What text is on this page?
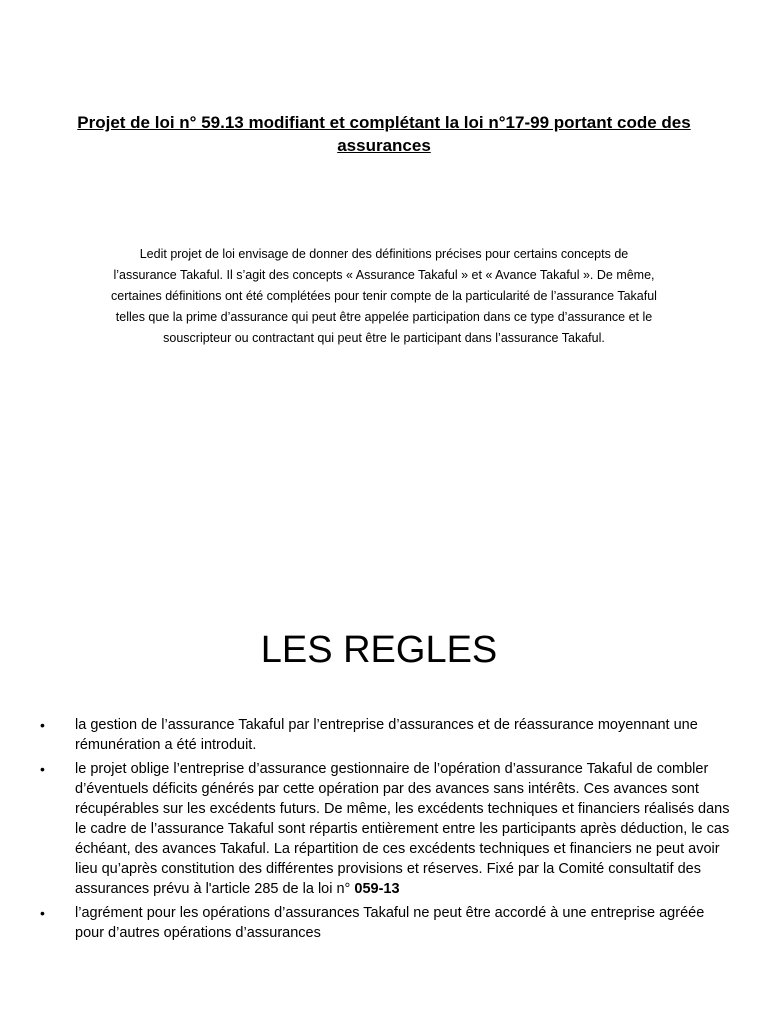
Projet de loi n° 59.13 modifiant et complétant la loi n°17-99 portant code des assurances

Ledit projet de loi envisage de donner des définitions précises pour certains concepts de l’assurance Takaful. Il s’agit des concepts « Assurance Takaful » et « Avance Takaful ». De même, certaines définitions ont été complétées pour tenir compte de la particularité de l’assurance Takaful telles que la prime d’assurance qui peut être appelée participation dans ce type d’assurance et le souscripteur ou contractant qui peut être le participant dans l’assurance Takaful.

LES REGLES
•	la gestion de l’assurance Takaful par l’entreprise d’assurances et de réassurance moyennant une rémunération a été introduit.
•	le projet oblige l’entreprise d’assurance gestionnaire de l’opération d’assurance Takaful de combler d’éventuels déficits générés par cette opération par des avances sans intérêts. Ces avances sont récupérables sur les excédents futurs. De même, les excédents techniques et financiers réalisés dans le cadre de l’assurance Takaful sont répartis entièrement entre les participants après déduction, le cas échéant, des avances Takaful. La répartition de ces excédents techniques et financiers ne peut avoir lieu qu’après constitution des différentes provisions et réserves. Fixé par la Comité consultatif des assurances prévu à l'article 285 de la loi n° 059-13
•	l’agrément pour les opérations d’assurances Takaful ne peut être accordé à une entreprise agréée pour d’autres opérations d’assurances
